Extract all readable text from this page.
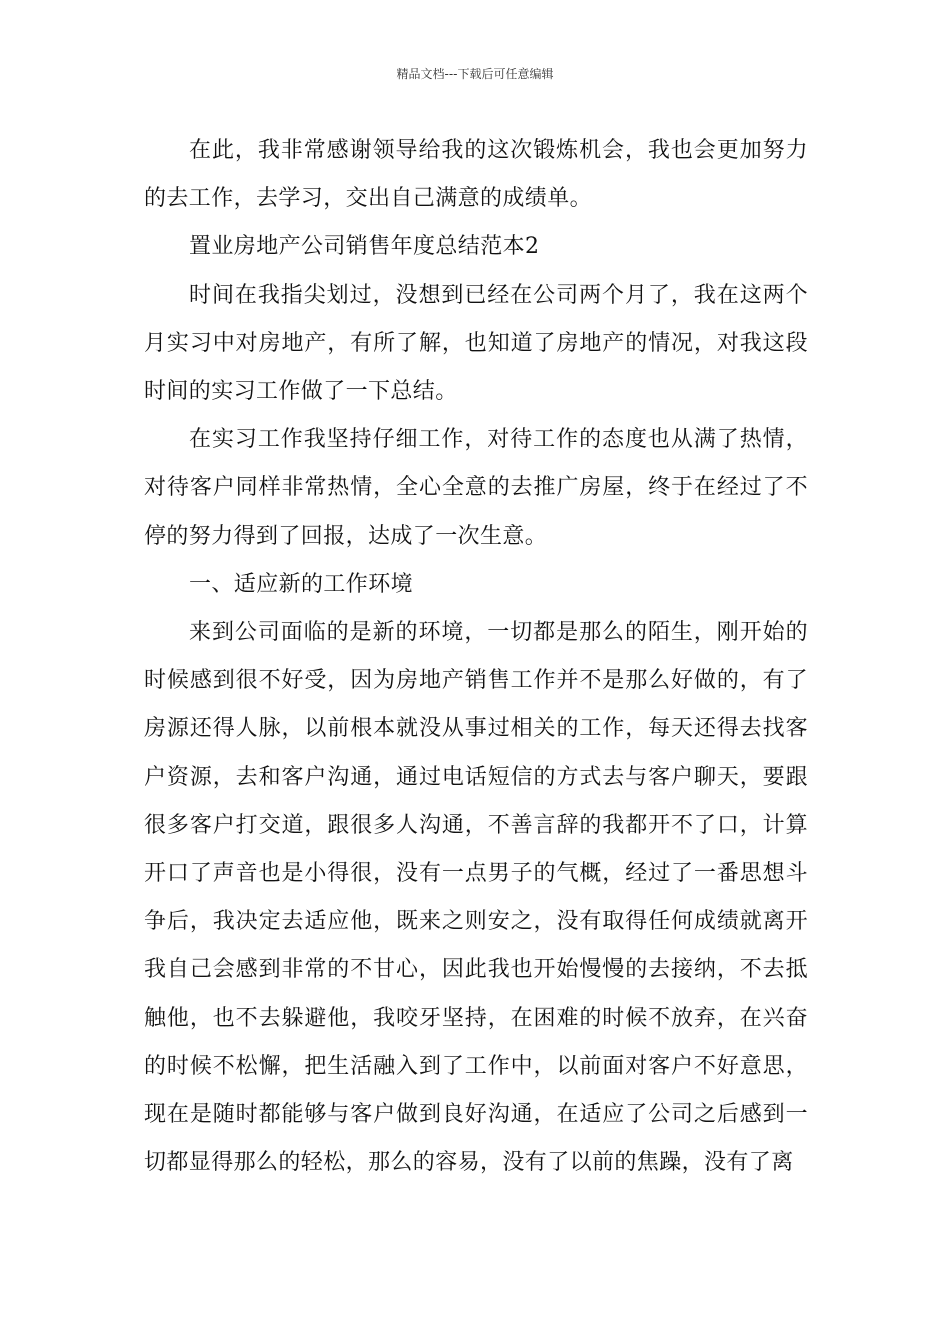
精品文档---下载后可任意编辑

在此，我非常感谢领导给我的这次锻炼机会，我也会更加努力的去工作，去学习，交出自己满意的成绩单。

置业房地产公司销售年度总结范本2

时间在我指尖划过，没想到已经在公司两个月了，我在这两个月实习中对房地产，有所了解，也知道了房地产的情况，对我这段时间的实习工作做了一下总结。

在实习工作我坚持仔细工作，对待工作的态度也从满了热情，对待客户同样非常热情，全心全意的去推广房屋，终于在经过了不停的努力得到了回报，达成了一次生意。

一、适应新的工作环境

来到公司面临的是新的环境，一切都是那么的陌生，刚开始的时候感到很不好受，因为房地产销售工作并不是那么好做的，有了房源还得人脉，以前根本就没从事过相关的工作，每天还得去找客户资源，去和客户沟通，通过电话短信的方式去与客户聊天，要跟很多客户打交道，跟很多人沟通，不善言辞的我都开不了口，计算开口了声音也是小得很，没有一点男子的气概，经过了一番思想斗争后，我决定去适应他，既来之则安之，没有取得任何成绩就离开我自己会感到非常的不甘心，因此我也开始慢慢的去接纳，不去抵触他，也不去躲避他，我咬牙坚持，在困难的时候不放弃，在兴奋的时候不松懈，把生活融入到了工作中，以前面对客户不好意思，现在是随时都能够与客户做到良好沟通，在适应了公司之后感到一切都显得那么的轻松，那么的容易，没有了以前的焦躁，没有了离
